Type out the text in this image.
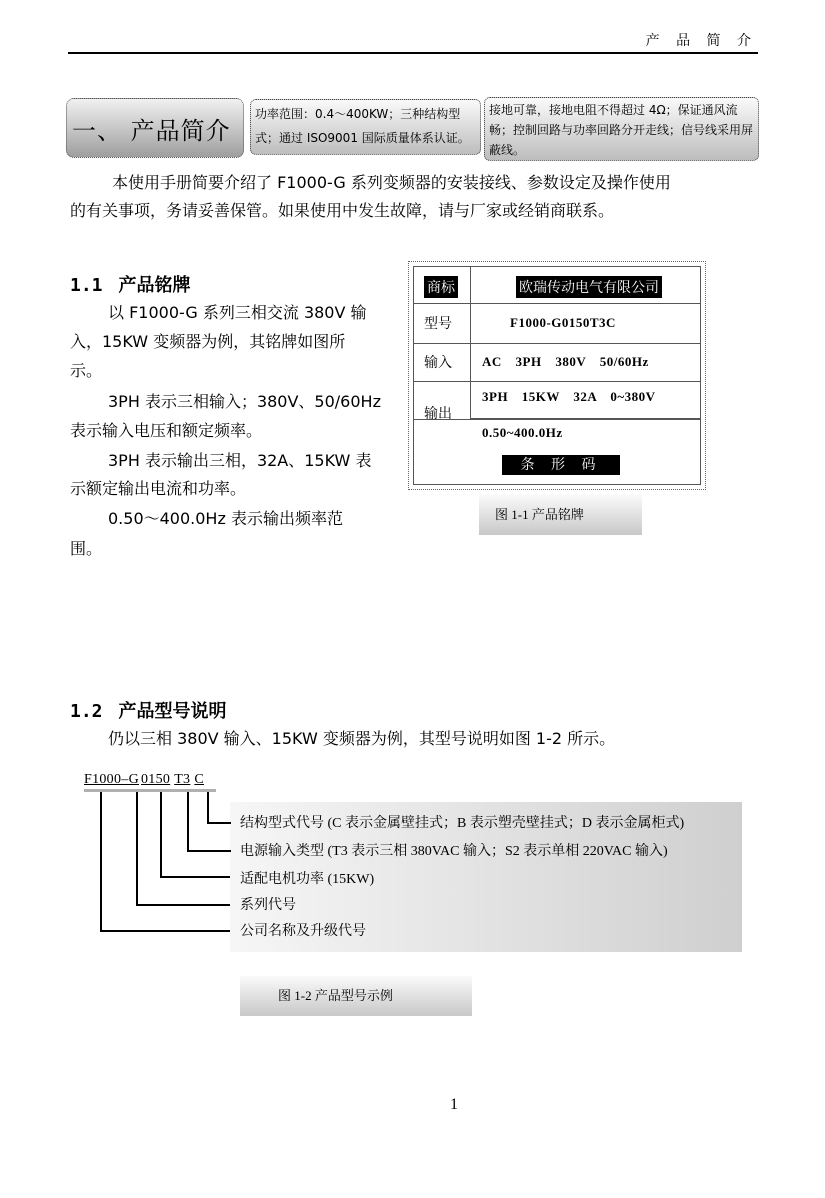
产 品 简 介
一、 产品简介
功率范围：0.4～400KW；三种结构型式；通过 ISO9001 国际质量体系认证。
接地可靠，接地电阻不得超过 4Ω；保证通风流畅；控制回路与功率回路分开走线；信号线采用屏蔽线。
本使用手册简要介绍了 F1000-G 系列变频器的安装接线、参数设定及操作使用
的有关事项，务请妥善保管。如果使用中发生故障，请与厂家或经销商联系。
1.1 产品铭牌
以 F1000-G 系列三相交流 380V 输
入，15KW 变频器为例，其铭牌如图所
示。
3PH 表示三相输入；380V、50/60Hz
表示输入电压和额定频率。
3PH 表示输出三相，32A、15KW 表
示额定输出电流和功率。
0.50～400.0Hz 表示输出频率范
围。
商标	欧瑞传动电气有限公司
型号	F1000-G0150T3C
输入 AC 3PH 380V 50/60Hz
输出
3PH 15KW 32A 0~380V
0.50~400.0Hz
条 形 码
图 1-1 产品铭牌
1.2 产品型号说明
仍以三相 380V 输入、15KW 变频器为例，其型号说明如图 1-2 所示。
F1000–G 0150 T3 C
结构型式代号 (C 表示金属壁挂式；B 表示塑壳壁挂式；D 表示金属柜式)
电源输入类型 (T3 表示三相 380VAC 输入；S2 表示单相 220VAC 输入)
适配电机功率 (15KW)
系列代号
公司名称及升级代号
图 1-2 产品型号示例
1
